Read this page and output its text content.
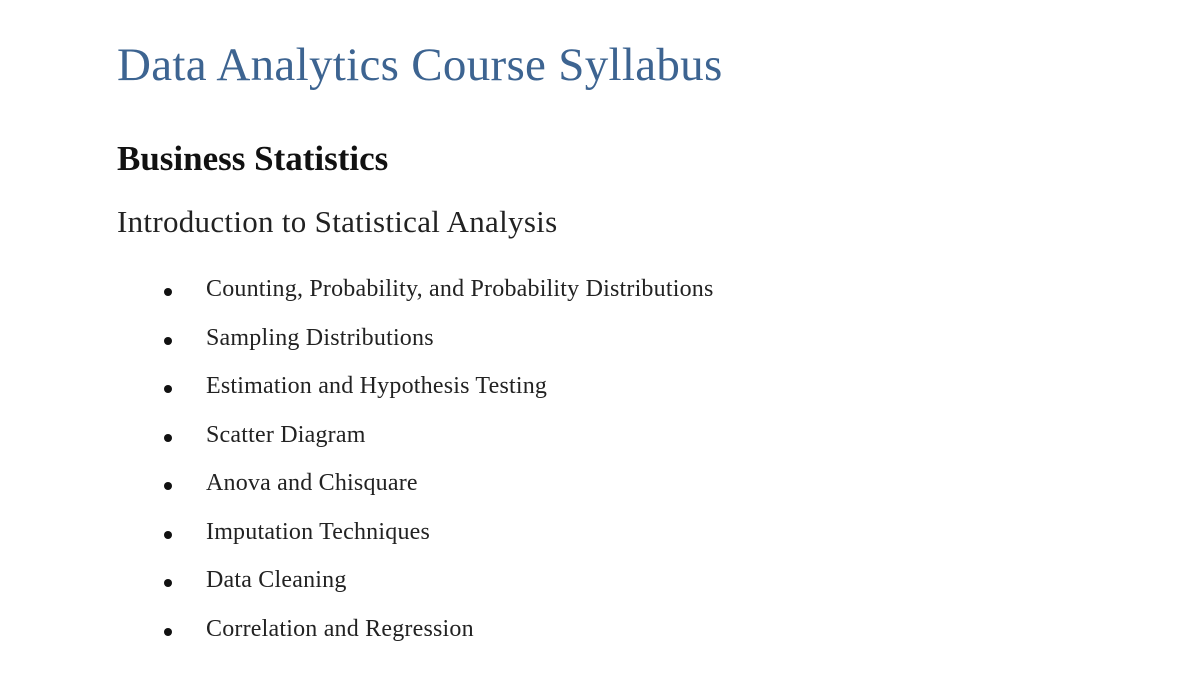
Data Analytics Course Syllabus
Business Statistics
Introduction to Statistical Analysis
Counting, Probability, and Probability Distributions
Sampling Distributions
Estimation and Hypothesis Testing
Scatter Diagram
Anova and Chisquare
Imputation Techniques
Data Cleaning
Correlation and Regression
